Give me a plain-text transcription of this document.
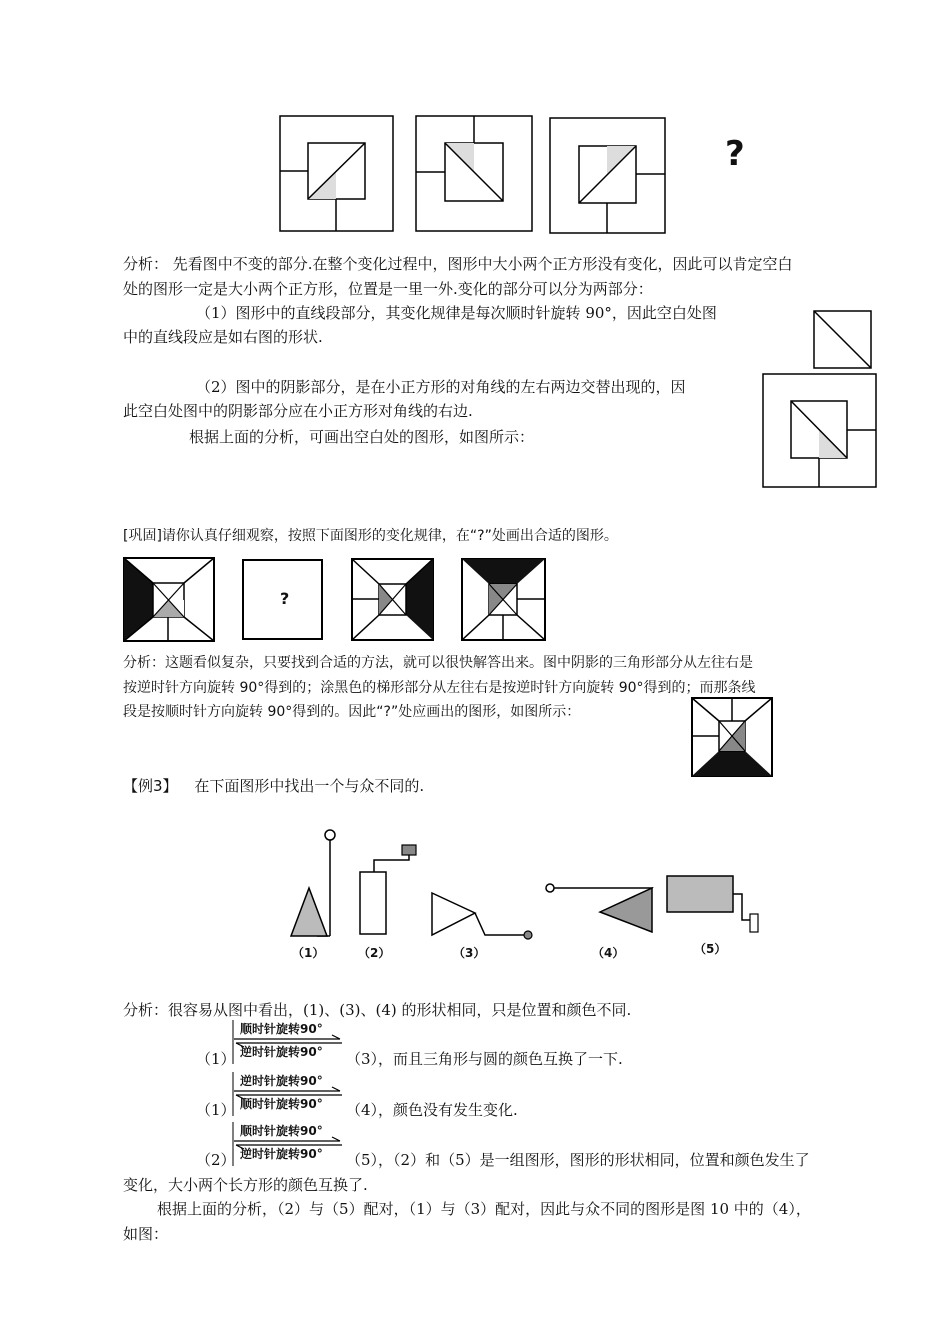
?
分析： 先看图中不变的部分.在整个变化过程中，图形中大小两个正方形没有变化，因此可以肯定空白
处的图形一定是大小两个正方形，位置是一里一外.变化的部分可以分为两部分：
（1）图形中的直线段部分，其变化规律是每次顺时针旋转 90°，因此空白处图
中的直线段应是如右图的形状.
（2）图中的阴影部分，是在小正方形的对角线的左右两边交替出现的，因
此空白处图中的阴影部分应在小正方形对角线的右边.
根据上面的分析，可画出空白处的图形，如图所示：
[巩固]请你认真仔细观察，按照下面图形的变化规律，在“?”处画出合适的图形。
?
分析：这题看似复杂，只要找到合适的方法，就可以很快解答出来。图中阴影的三角形部分从左往右是
按逆时针方向旋转 90°得到的；涂黑色的梯形部分从左往右是按逆时针方向旋转 90°得到的；而那条线
段是按顺时针方向旋转 90°得到的。因此“?”处应画出的图形，如图所示：
【例3】 在下面图形中找出一个与众不同的.
（1）	（2）	（3）	（4）	（5）
分析：很容易从图中看出，(1)、(3)、(4) 的形状相同，只是位置和颜色不同.
（1）
顺时针旋转90°
逆时针旋转90° （3），而且三角形与圆的颜色互换了一下.
（1）
逆时针旋转90°
顺时针旋转90° （4），颜色没有发生变化.
（2）
顺时针旋转90°
逆时针旋转90° （5），（2）和（5）是一组图形，图形的形状相同，位置和颜色发生了
变化，大小两个长方形的颜色互换了.
根据上面的分析，（2）与（5）配对，（1）与（3）配对，因此与众不同的图形是图 10 中的（4），
如图：
